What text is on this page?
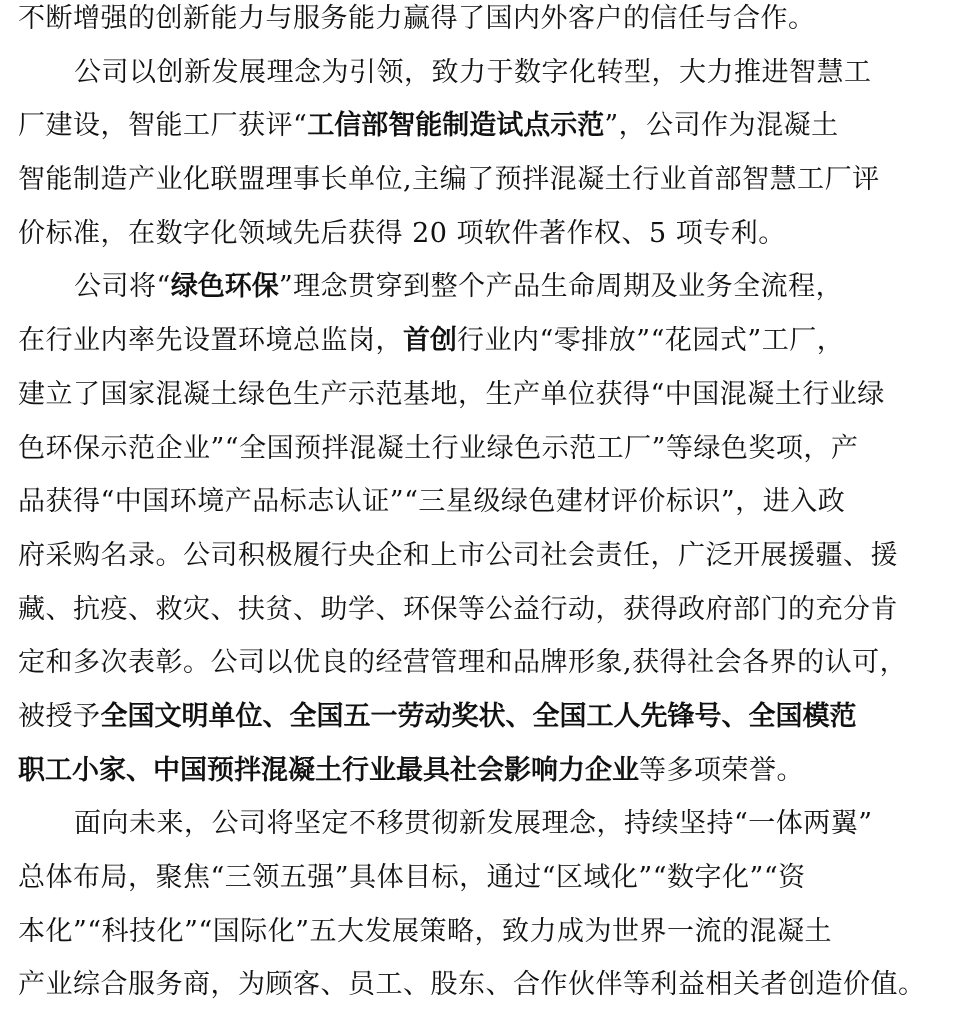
不断增强的创新能力与服务能力赢得了国内外客户的信任与合作。
公司以创新发展理念为引领，致力于数字化转型，大力推进智慧工
厂建设，智能工厂获评“工信部智能制造试点示范”，公司作为混凝土
智能制造产业化联盟理事长单位,主编了预拌混凝土行业首部智慧工厂评
价标准，在数字化领域先后获得 20 项软件著作权、5 项专利。
公司将“绿色环保”理念贯穿到整个产品生命周期及业务全流程，
在行业内率先设置环境总监岗，首创行业内“零排放”“花园式”工厂，
建立了国家混凝土绿色生产示范基地，生产单位获得“中国混凝土行业绿
色环保示范企业”“全国预拌混凝土行业绿色示范工厂”等绿色奖项，产
品获得“中国环境产品标志认证”“三星级绿色建材评价标识”，进入政
府采购名录。公司积极履行央企和上市公司社会责任，广泛开展援疆、援
藏、抗疫、救灾、扶贫、助学、环保等公益行动，获得政府部门的充分肯
定和多次表彰。公司以优良的经营管理和品牌形象,获得社会各界的认可，
被授予全国文明单位、全国五一劳动奖状、全国工人先锋号、全国模范
职工小家、中国预拌混凝土行业最具社会影响力企业等多项荣誉。
面向未来，公司将坚定不移贯彻新发展理念，持续坚持“一体两翼”
总体布局，聚焦“三领五强”具体目标，通过“区域化”“数字化”“资
本化”“科技化”“国际化”五大发展策略，致力成为世界一流的混凝土
产业综合服务商，为顾客、员工、股东、合作伙伴等利益相关者创造价值。
